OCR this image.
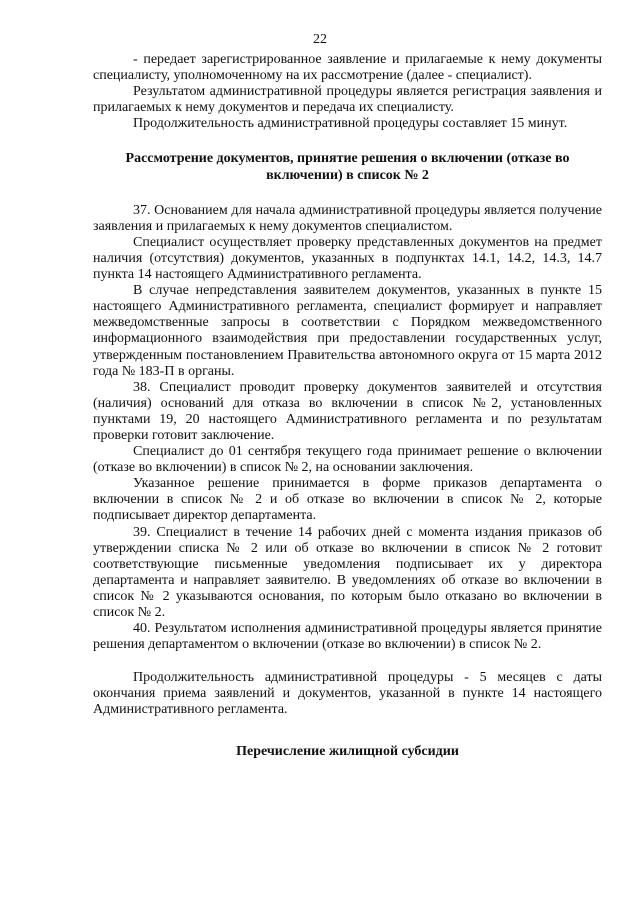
22

- передает зарегистрированное заявление и прилагаемые к нему документы специалисту, уполномоченному на их рассмотрение (далее - специалист).

Результатом административной процедуры является регистрация заявления и прилагаемых к нему документов и передача их специалисту.

Продолжительность административной процедуры составляет 15 минут.

Рассмотрение документов, принятие решения о включении (отказе во включении) в список № 2

37. Основанием для начала административной процедуры является получение заявления и прилагаемых к нему документов специалистом.

Специалист осуществляет проверку представленных документов на предмет наличия (отсутствия) документов, указанных в подпунктах 14.1, 14.2, 14.3, 14.7 пункта 14 настоящего Административного регламента.

В случае непредставления заявителем документов, указанных в пункте 15 настоящего Административного регламента, специалист формирует и направляет межведомственные запросы в соответствии с Порядком межведомственного информационного взаимодействия при предоставлении государственных услуг, утвержденным постановлением Правительства автономного округа от 15 марта 2012 года № 183-П в органы.

38. Специалист проводит проверку документов заявителей и отсутствия (наличия) оснований для отказа во включении в список №2, установленных пунктами 19, 20 настоящего Административного регламента и по результатам проверки готовит заключение.

Специалист до 01 сентября текущего года принимает решение о включении (отказе во включении) в список № 2, на основании заключения.

Указанное решение принимается в форме приказов департамента о включении в список № 2 и об отказе во включении в список № 2, которые подписывает директор департамента.

39. Специалист в течение 14 рабочих дней с момента издания приказов об утверждении списка № 2 или об отказе во включении в список № 2 готовит соответствующие письменные уведомления подписывает их у директора департамента и направляет заявителю. В уведомлениях об отказе во включении в список № 2 указываются основания, по которым было отказано во включении в список № 2.

40. Результатом исполнения административной процедуры является принятие решения департаментом о включении (отказе во включении) в список № 2.

Продолжительность административной процедуры - 5 месяцев с даты окончания приема заявлений и документов, указанной в пункте 14 настоящего Административного регламента.

Перечисление жилищной субсидии
